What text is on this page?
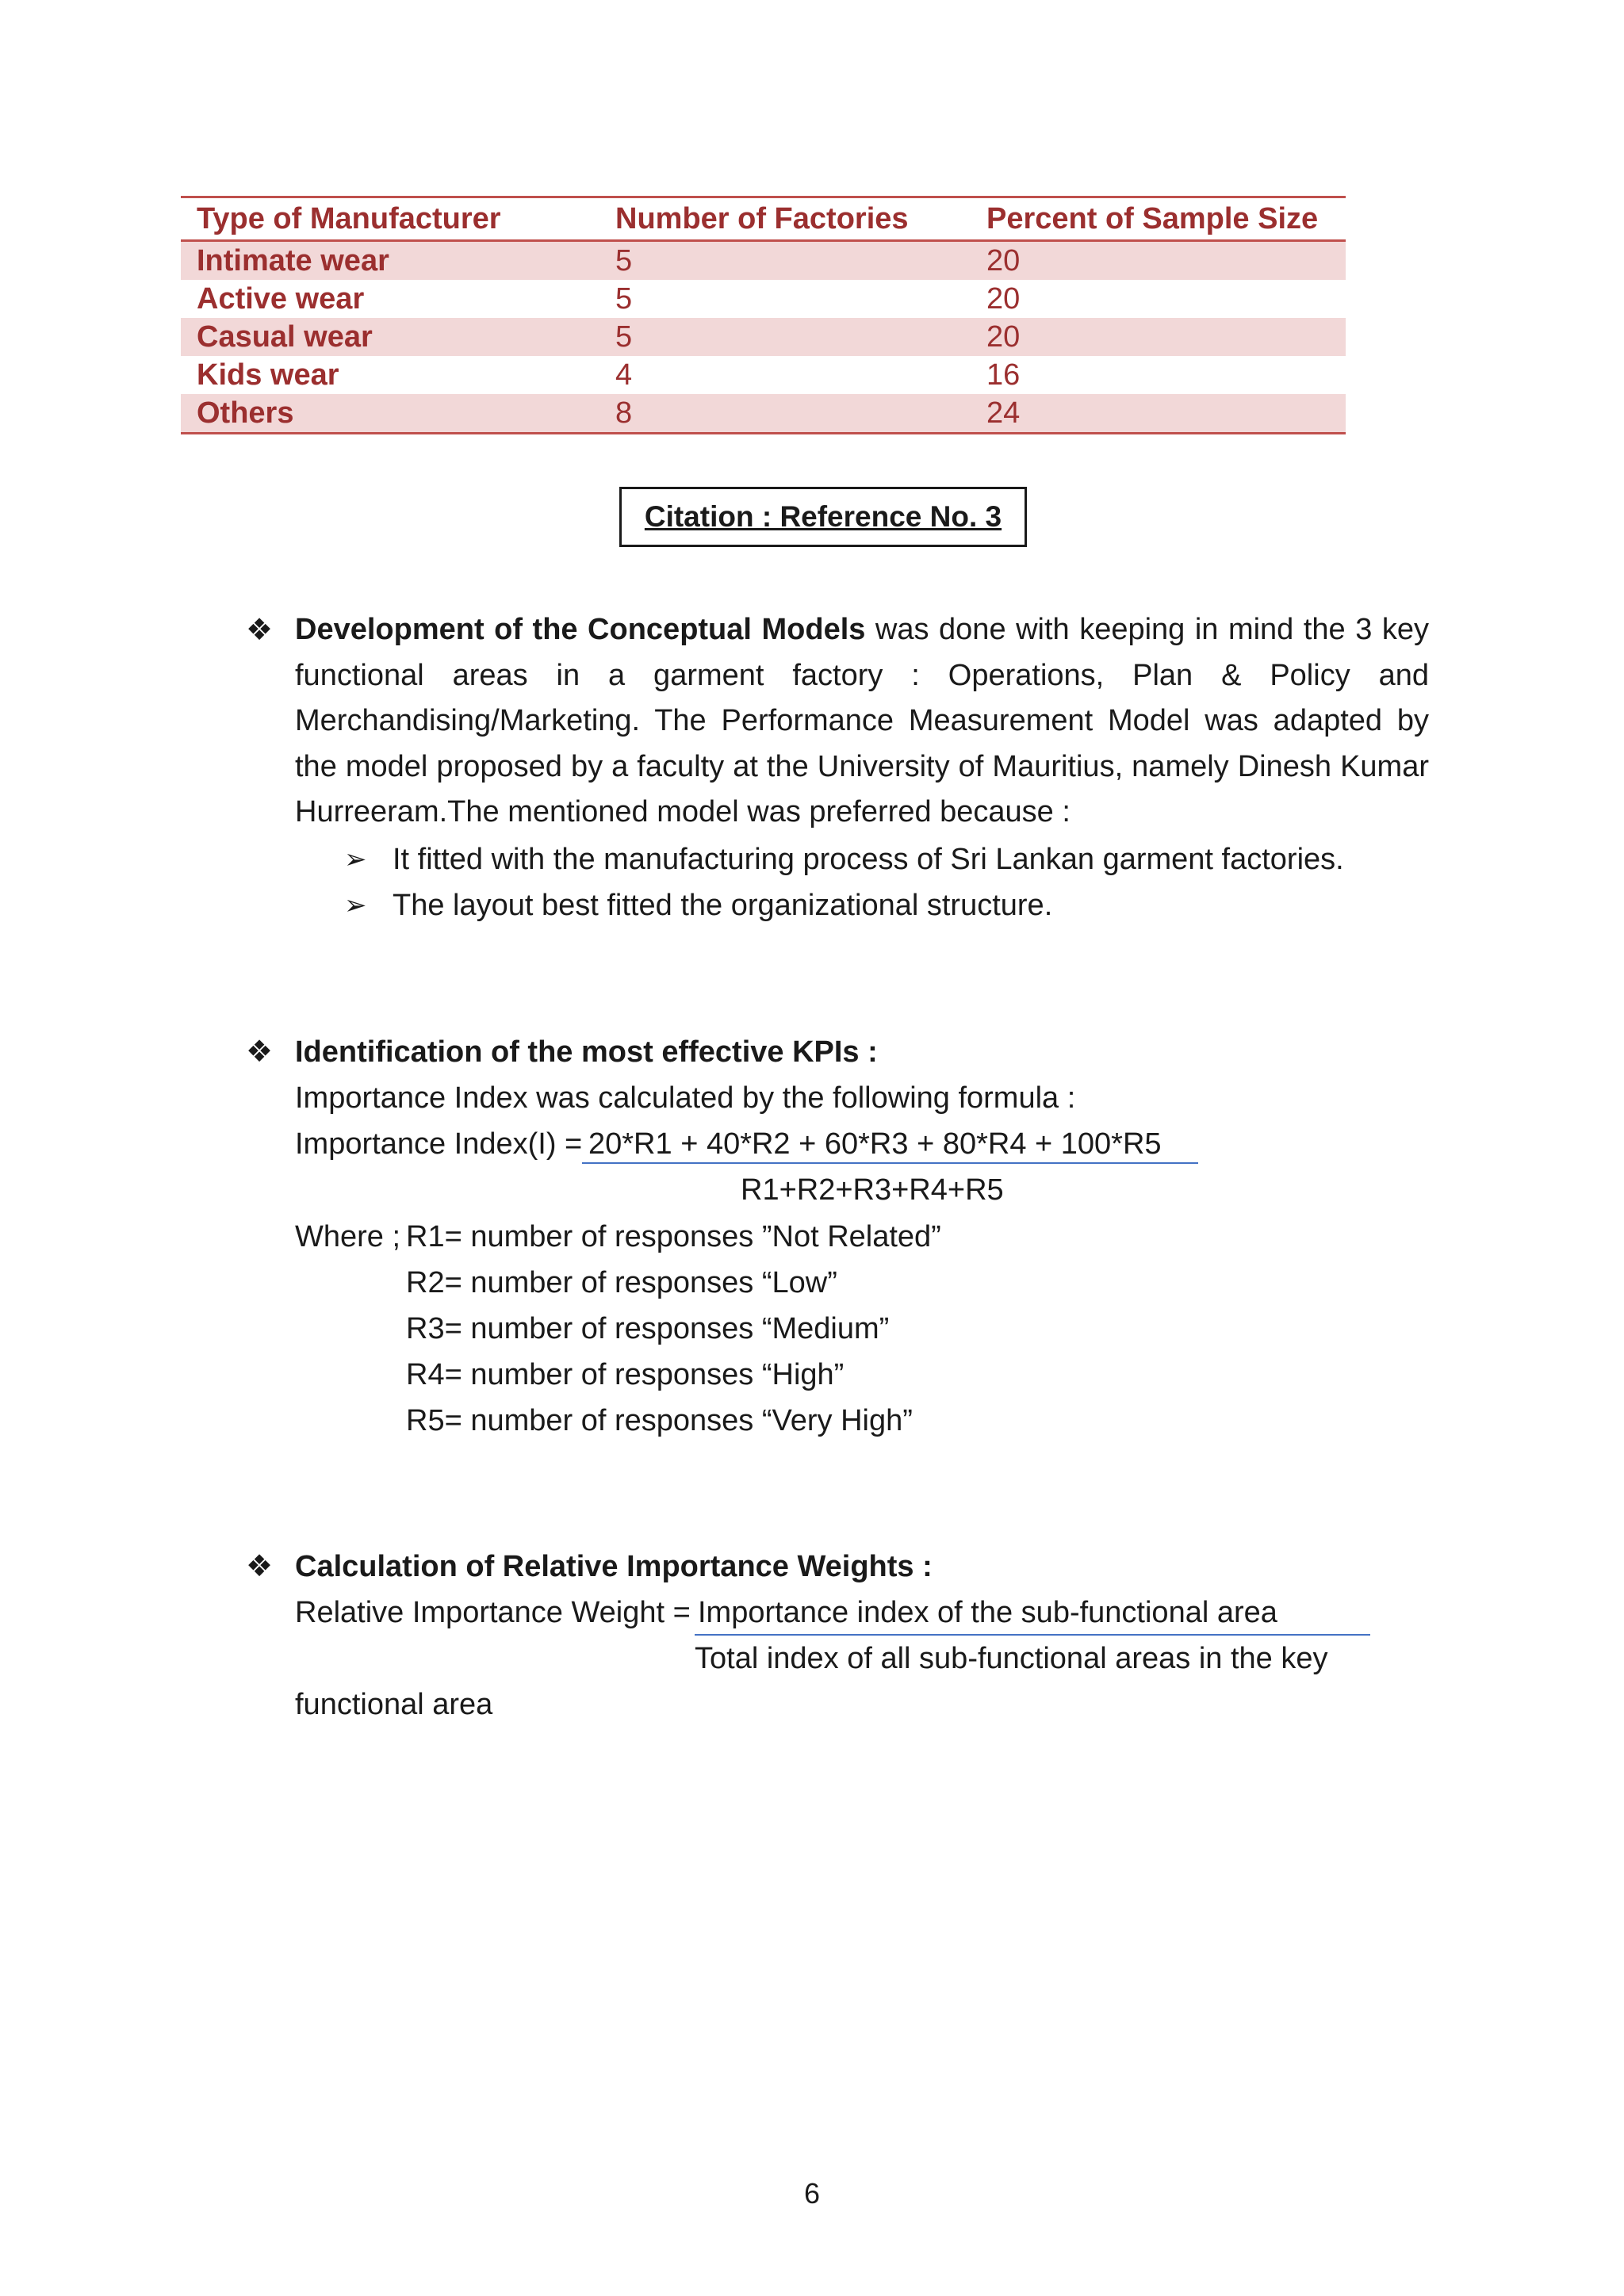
Type of Manufacturer	Number of Factories	Percent of Sample Size
Intimate wear	5	20
Active wear	5	20
Casual wear	5	20
Kids wear	4	16
Others	8	24
Citation : Reference No. 3
❖ Development of the Conceptual Models was done with keeping in mind the 3 key functional areas in a garment factory : Operations, Plan & Policy and Merchandising/Marketing. The Performance Measurement Model was adapted by the model proposed by a faculty at the University of Mauritius, namely Dinesh Kumar Hurreeram.The mentioned model was preferred because :
➢ It fitted with the manufacturing process of Sri Lankan garment factories.
➢ The layout best fitted the organizational structure.
❖ Identification of the most effective KPIs :
Importance Index was calculated by the following formula :
Importance Index(I) = 20*R1 + 40*R2 + 60*R3 + 80*R4 + 100*R5
R1+R2+R3+R4+R5
Where ; R1= number of responses ”Not Related”
R2= number of responses “Low”
R3= number of responses “Medium”
R4= number of responses “High”
R5= number of responses “Very High”
❖ Calculation of Relative Importance Weights :
Relative Importance Weight = Importance index of the sub-functional area
Total index of all sub-functional areas in the key
functional area
6
